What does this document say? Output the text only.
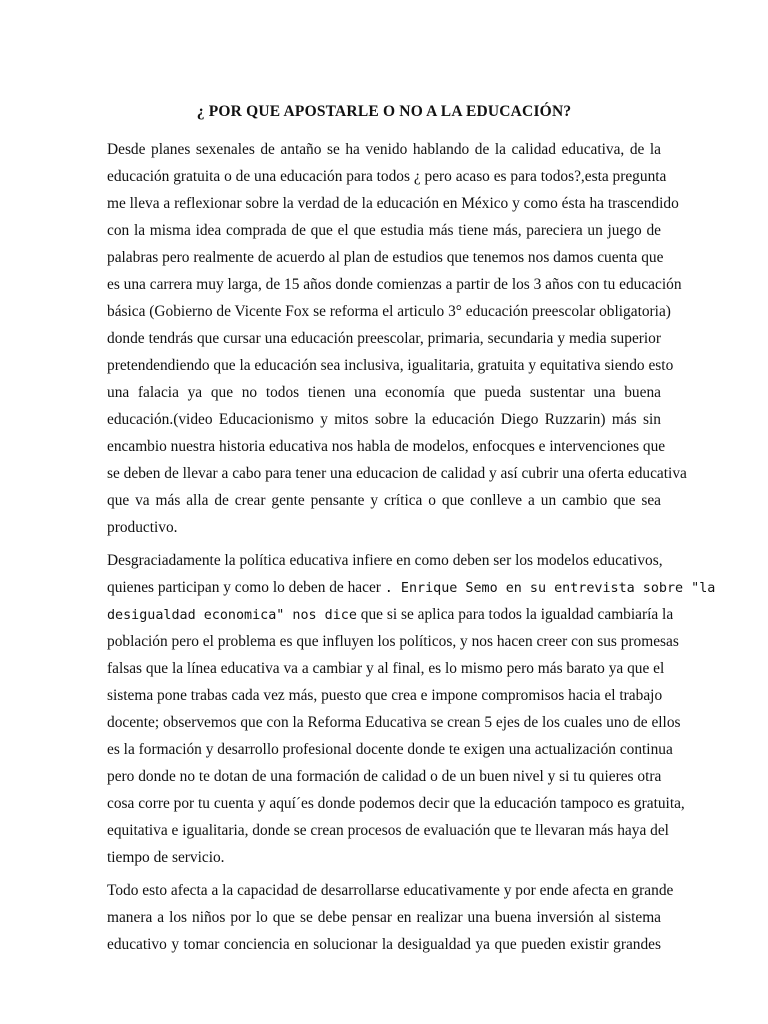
¿ POR QUE APOSTARLE O NO A LA EDUCACIÓN?
Desde planes sexenales de antaño se ha venido hablando de la calidad educativa, de la
educación gratuita o de una educación para todos ¿ pero acaso es para todos?,esta pregunta
me lleva a reflexionar sobre la verdad de la educación en México y como ésta ha trascendido
con la misma idea comprada de que el que estudia más tiene más, pareciera un juego de
palabras pero realmente de acuerdo al plan de estudios que tenemos nos damos cuenta que
es una carrera muy larga, de 15 años donde comienzas a partir de los 3 años con tu educación
básica (Gobierno de Vicente Fox se reforma el articulo 3° educación preescolar obligatoria)
donde tendrás que cursar una educación preescolar, primaria, secundaria y media superior
pretendendiendo que la educación sea inclusiva, igualitaria, gratuita y equitativa siendo esto
una falacia ya que no todos tienen una economía que pueda sustentar una buena
educación.(video Educacionismo y mitos sobre la educación Diego Ruzzarin) más sin
encambio nuestra historia educativa nos habla de modelos, enfocques e intervenciones que
se deben de llevar a cabo para tener una educacion de calidad y así cubrir una oferta educativa
que va más alla de crear gente pensante y crítica o que conlleve a un cambio que sea
productivo.
Desgraciadamente la política educativa infiere en como deben ser los modelos educativos,
quienes participan y como lo deben de hacer . Enrique Semo en su entrevista sobre "la
desigualdad economica" nos dice que si se aplica para todos la igualdad cambiaría la
población pero el problema es que influyen los políticos, y nos hacen creer con sus promesas
falsas que la línea educativa va a cambiar y al final, es lo mismo pero más barato ya que el
sistema pone trabas cada vez más, puesto que crea e impone compromisos hacia el trabajo
docente; observemos que con la Reforma Educativa se crean 5 ejes de los cuales uno de ellos
es la formación y desarrollo profesional docente donde te exigen una actualización continua
pero donde no te dotan de una formación de calidad o de un buen nivel y si tu quieres otra
cosa corre por tu cuenta y aquí´es donde podemos decir que la educación tampoco es gratuita,
equitativa e igualitaria, donde se crean procesos de evaluación que te llevaran más haya del
tiempo de servicio.
Todo esto afecta a la capacidad de desarrollarse educativamente y por ende afecta en grande
manera a los niños por lo que se debe pensar en realizar una buena inversión al sistema
educativo y tomar conciencia en solucionar la desigualdad ya que pueden existir grandes
